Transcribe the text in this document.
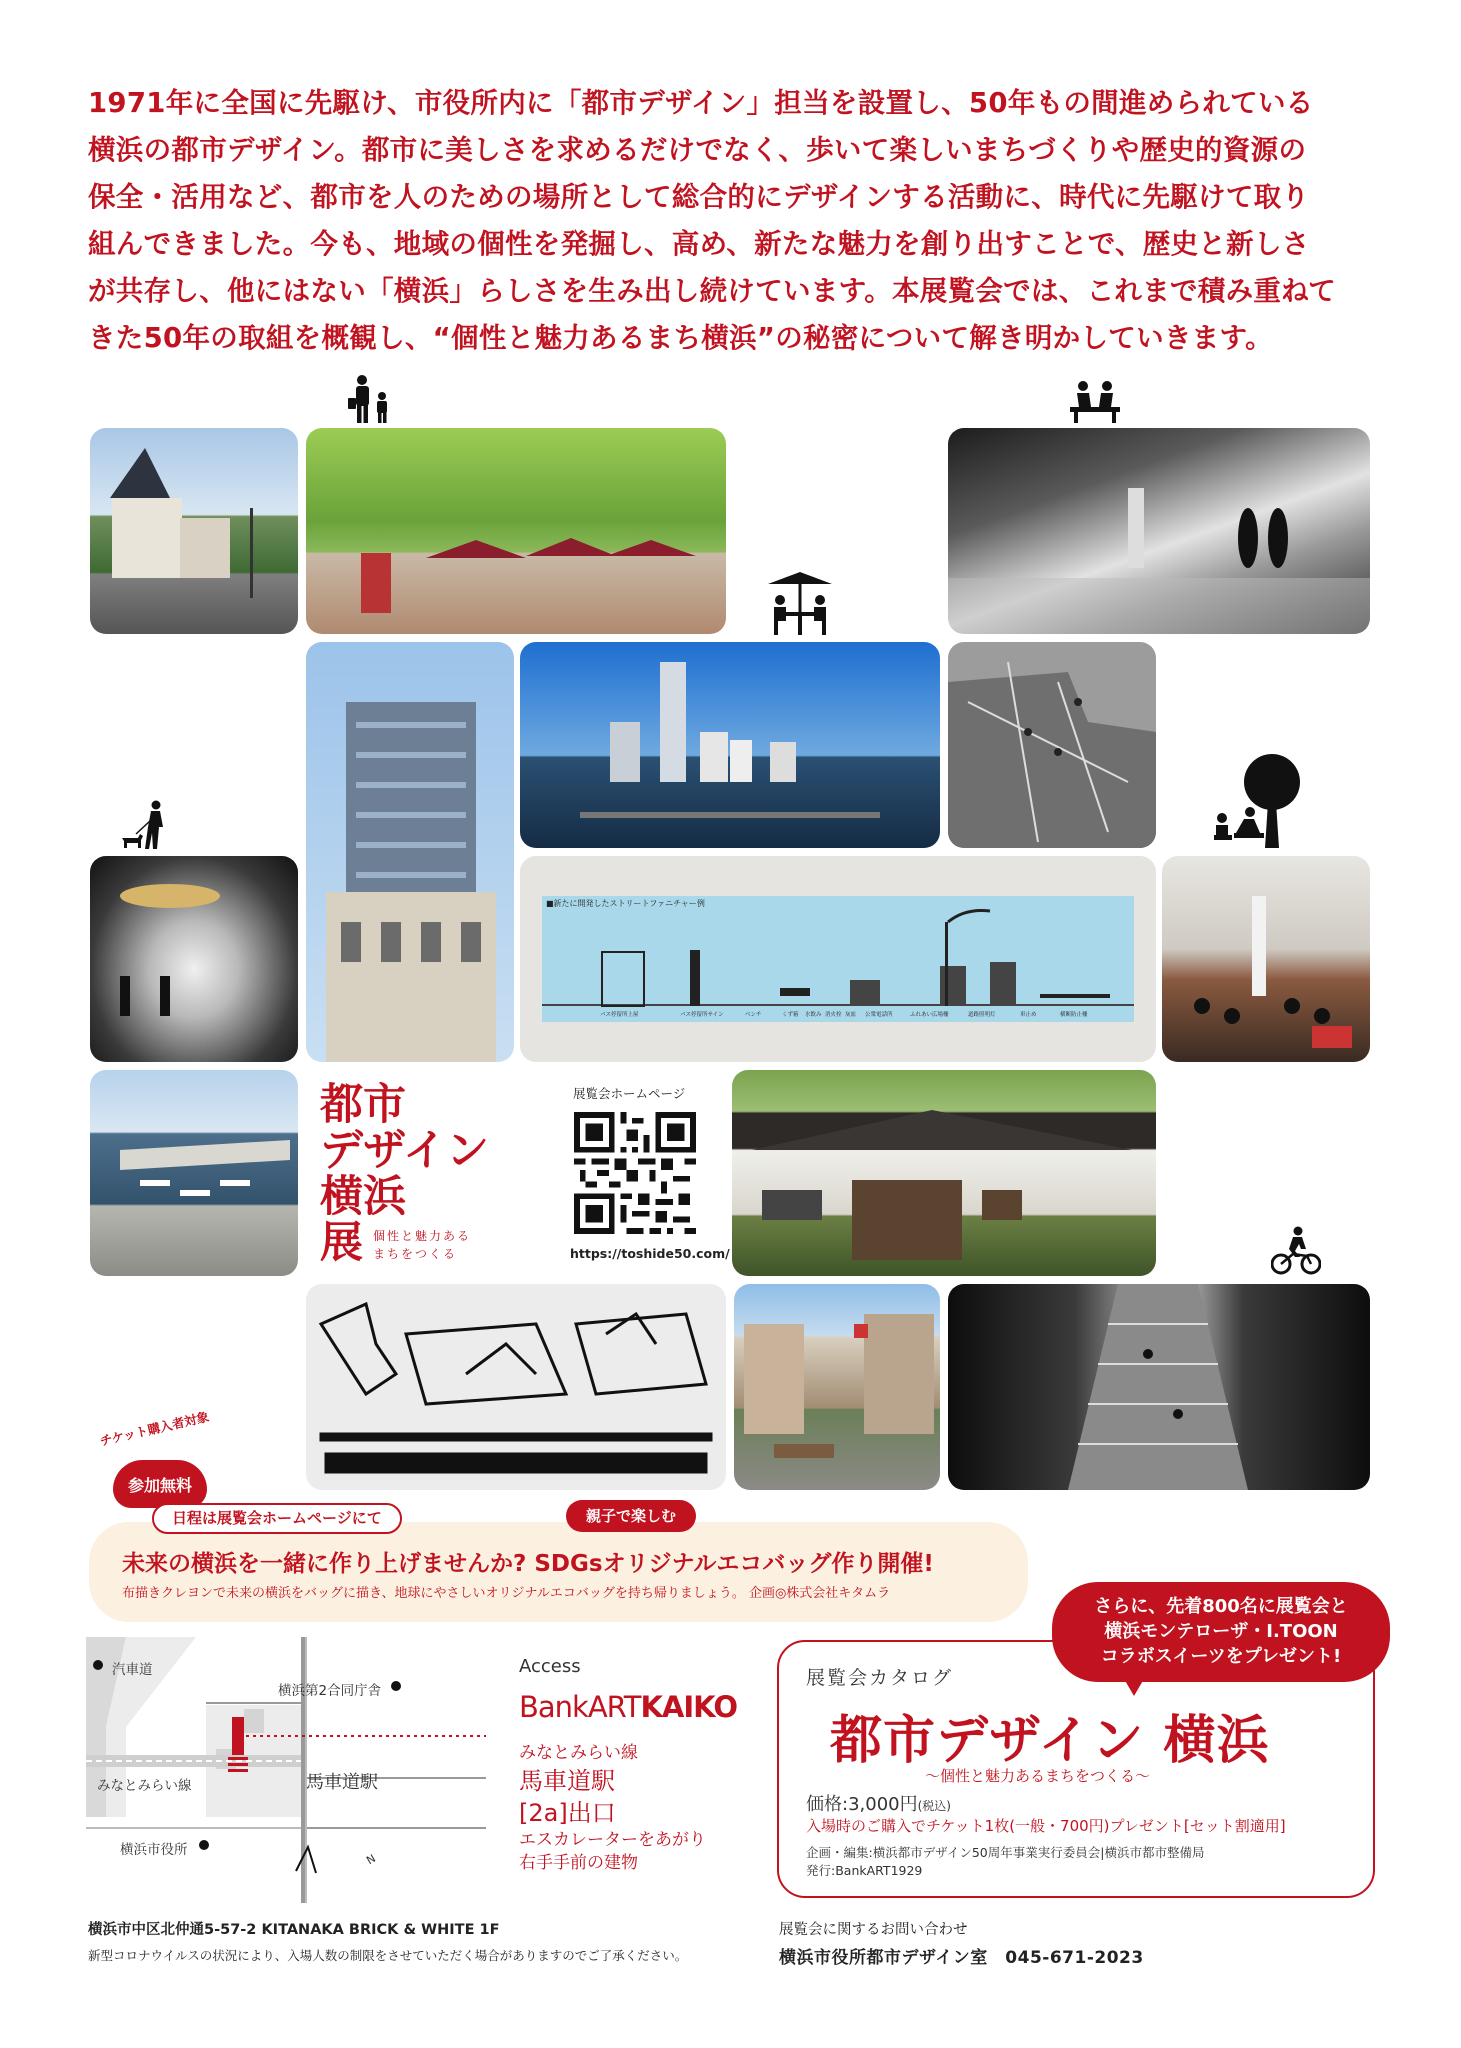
1971年に全国に先駆け、市役所内に「都市デザイン」担当を設置し、50年もの間進められている
横浜の都市デザイン。都市に美しさを求めるだけでなく、歩いて楽しいまちづくりや歴史的資源の
保全・活用など、都市を人のための場所として総合的にデザインする活動に、時代に先駆けて取り
組んできました。今も、地域の個性を発掘し、高め、新たな魅力を創り出すことで、歴史と新しさ
が共存し、他にはない「横浜」らしさを生み出し続けています。本展覧会では、これまで積み重ねて
きた50年の取組を概観し、“個性と魅力あるまち横浜”の秘密について解き明かしていきます。
■新たに開発したストリートファニチャー例
バス停留所上屋	バス停留所サイン	ベンチ	くず箱 水飲み 消火栓 灰皿 公衆電話所	ふれあい広場柵	道路照明灯	車止め	横断防止柵
都市
デザイン
横浜
展 個性と魅力ある
まちをつくる
展覧会ホームページ
https://toshide50.com/
チケット購入者対象
参加無料
日程は展覧会ホームページにて	親子で楽しむ
未来の横浜を一緒に作り上げませんか? SDGsオリジナルエコバッグ作り開催!
布描きクレヨンで未来の横浜をバッグに描き、地球にやさしいオリジナルエコバッグを持ち帰りましょう。 企画◎株式会社キタムラ
汽車道
横浜第2合同庁舎
馬車道駅
みなとみらい線
横浜市役所
N
Access
BankARTKAIKO
みなとみらい線
馬車道駅
[2a]出口
エスカレーターをあがり
右手手前の建物
展覧会カタログ
都市デザイン 横浜
〜個性と魅力あるまちをつくる〜
価格:3,000円(税込)
入場時のご購入でチケット1枚(一般・700円)プレゼント[セット割適用]
企画・編集:横浜都市デザイン50周年事業実行委員会|横浜市都市整備局
発行:BankART1929
さらに、先着800名に展覧会と
横浜モンテローザ・I.TOON
コラボスイーツをプレゼント!
横浜市中区北仲通5-57-2 KITANAKA BRICK & WHITE 1F
新型コロナウイルスの状況により、入場人数の制限をさせていただく場合がありますのでご了承ください。
展覧会に関するお問い合わせ
横浜市役所都市デザイン室　045-671-2023
